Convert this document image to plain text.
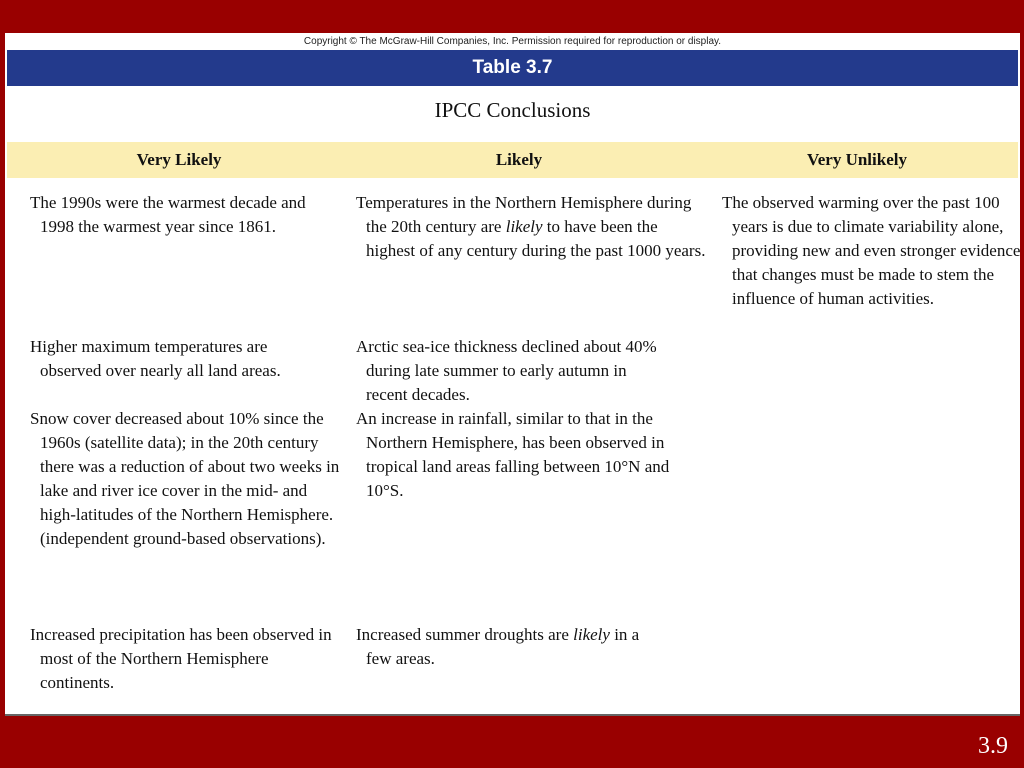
Copyright © The McGraw-Hill Companies, Inc. Permission required for reproduction or display.
Table 3.7
IPCC Conclusions
Very Likely	Likely	Very Unlikely
The 1990s were the warmest decade and 1998 the warmest year since 1861.
Higher maximum temperatures are observed over nearly all land areas.
Snow cover decreased about 10% since the 1960s (satellite data); in the 20th century there was a reduction of about two weeks in lake and river ice cover in the mid- and high-latitudes of the Northern Hemisphere. (independent ground-based observations).
Increased precipitation has been observed in most of the Northern Hemisphere continents.
Temperatures in the Northern Hemisphere during the 20th century are likely to have been the highest of any century during the past 1000 years.
Arctic sea-ice thickness declined about 40% during late summer to early autumn in recent decades.
An increase in rainfall, similar to that in the Northern Hemisphere, has been observed in tropical land areas falling between 10°N and 10°S.
Increased summer droughts are likely in a few areas.
The observed warming over the past 100 years is due to climate variability alone, providing new and even stronger evidence that changes must be made to stem the influence of human activities.
3.9
